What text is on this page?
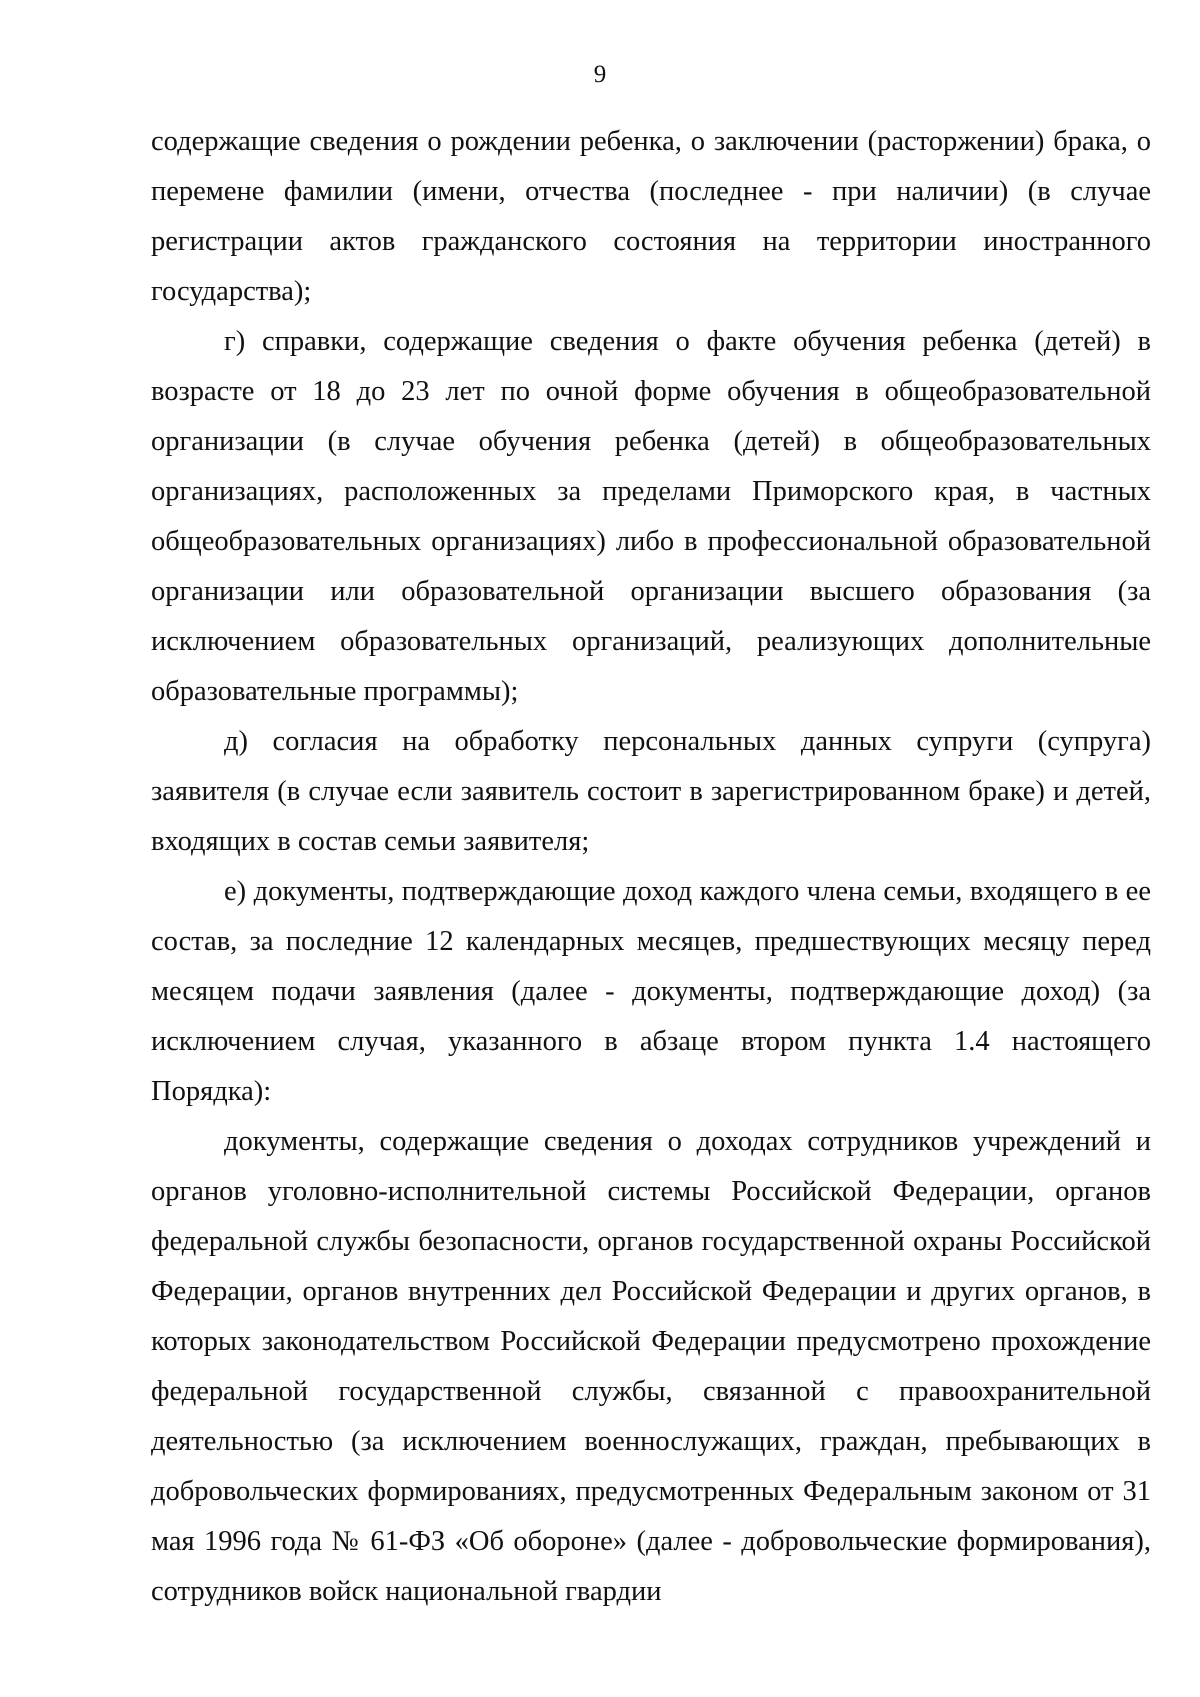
9

содержащие сведения о рождении ребенка, о заключении (расторжении) брака, о перемене фамилии (имени, отчества (последнее - при наличии) (в случае регистрации актов гражданского состояния на территории иностранного государства);

г) справки, содержащие сведения о факте обучения ребенка (детей) в возрасте от 18 до 23 лет по очной форме обучения в общеобразовательной организации (в случае обучения ребенка (детей) в общеобразовательных организациях, расположенных за пределами Приморского края, в частных общеобразовательных организациях) либо в профессиональной образовательной организации или образовательной организации высшего образования (за исключением образовательных организаций, реализующих дополнительные образовательные программы);

д) согласия на обработку персональных данных супруги (супруга) заявителя (в случае если заявитель состоит в зарегистрированном браке) и детей, входящих в состав семьи заявителя;

е) документы, подтверждающие доход каждого члена семьи, входящего в ее состав, за последние 12 календарных месяцев, предшествующих месяцу перед месяцем подачи заявления (далее - документы, подтверждающие доход) (за исключением случая, указанного в абзаце втором пункта 1.4 настоящего Порядка):

документы, содержащие сведения о доходах сотрудников учреждений и органов уголовно-исполнительной системы Российской Федерации, органов федеральной службы безопасности, органов государственной охраны Российской Федерации, органов внутренних дел Российской Федерации и других органов, в которых законодательством Российской Федерации предусмотрено прохождение федеральной государственной службы, связанной с правоохранительной деятельностью (за исключением военнослужащих, граждан, пребывающих в добровольческих формированиях, предусмотренных Федеральным законом от 31 мая 1996 года № 61-ФЗ «Об обороне» (далее - добровольческие формирования), сотрудников войск национальной гвардии
